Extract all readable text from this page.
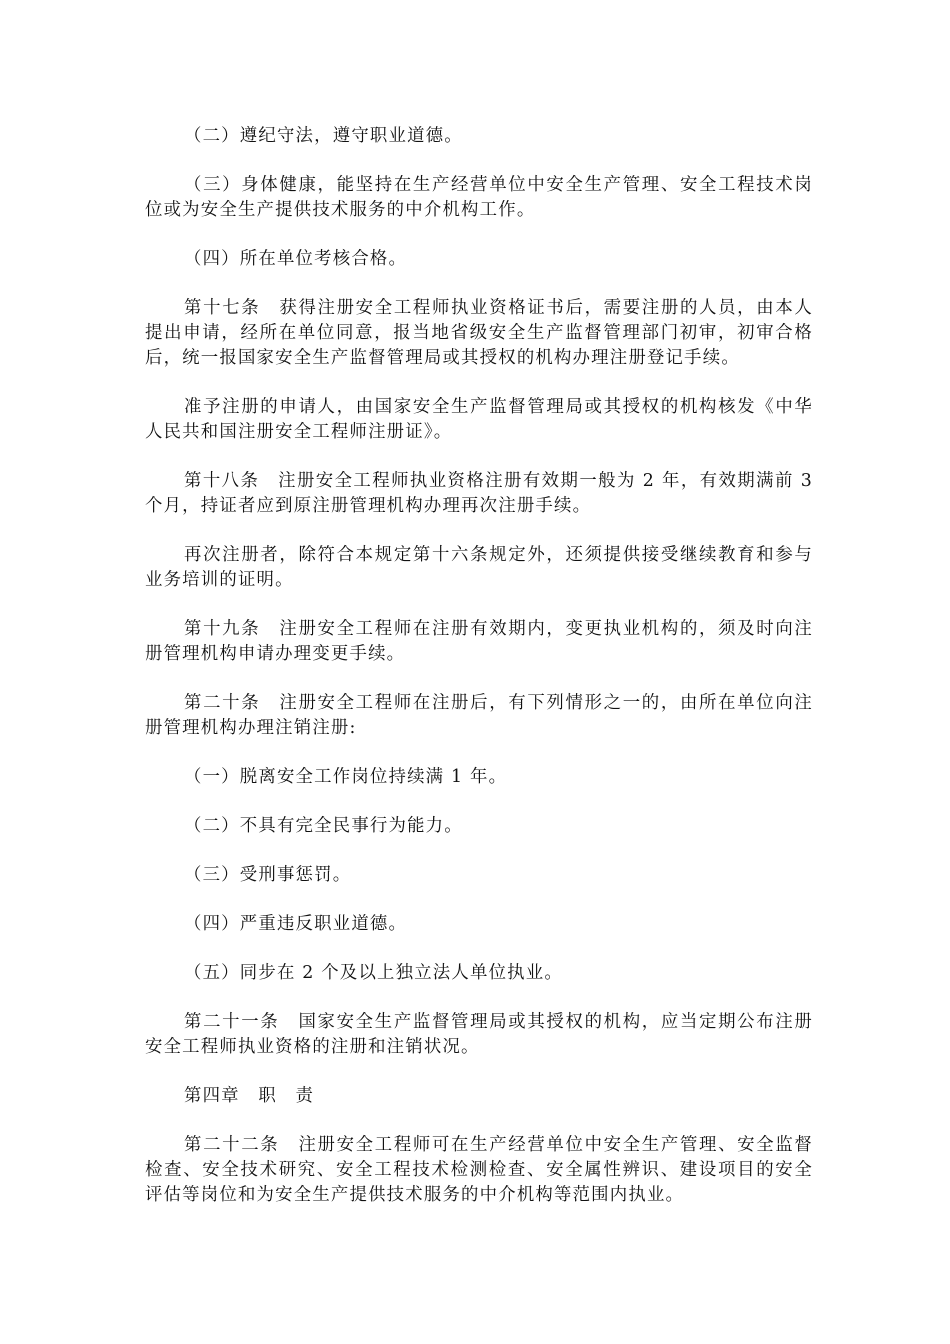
（二）遵纪守法，遵守职业道德。

（三）身体健康，能坚持在生产经营单位中安全生产管理、安全工程技术岗位或为安全生产提供技术服务的中介机构工作。

（四）所在单位考核合格。

第十七条　获得注册安全工程师执业资格证书后，需要注册的人员，由本人提出申请，经所在单位同意，报当地省级安全生产监督管理部门初审，初审合格后，统一报国家安全生产监督管理局或其授权的机构办理注册登记手续。

准予注册的申请人，由国家安全生产监督管理局或其授权的机构核发《中华人民共和国注册安全工程师注册证》。

第十八条　注册安全工程师执业资格注册有效期一般为 2 年，有效期满前 3 个月，持证者应到原注册管理机构办理再次注册手续。

再次注册者，除符合本规定第十六条规定外，还须提供接受继续教育和参与业务培训的证明。

第十九条　注册安全工程师在注册有效期内，变更执业机构的，须及时向注册管理机构申请办理变更手续。

第二十条　注册安全工程师在注册后，有下列情形之一的，由所在单位向注册管理机构办理注销注册:

（一）脱离安全工作岗位持续满 1 年。

（二）不具有完全民事行为能力。

（三）受刑事惩罚。

（四）严重违反职业道德。

（五）同步在 2 个及以上独立法人单位执业。

第二十一条　国家安全生产监督管理局或其授权的机构，应当定期公布注册安全工程师执业资格的注册和注销状况。

第四章　职　责

第二十二条　注册安全工程师可在生产经营单位中安全生产管理、安全监督检查、安全技术研究、安全工程技术检测检查、安全属性辨识、建设项目的安全评估等岗位和为安全生产提供技术服务的中介机构等范围内执业。
